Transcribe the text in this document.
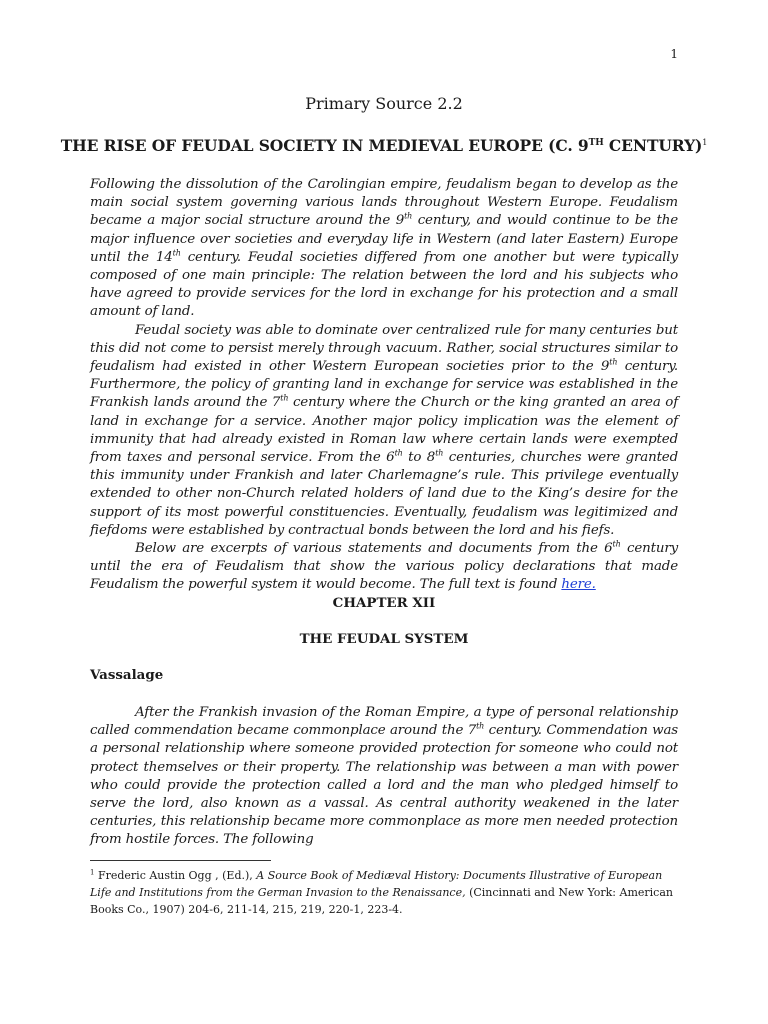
1
Primary Source 2.2
THE RISE OF FEUDAL SOCIETY IN MEDIEVAL EUROPE (C. 9TH CENTURY)$^1$

Following the dissolution of the Carolingian empire, feudalism began to develop as the main social system governing various lands throughout Western Europe. Feudalism became a major social structure around the 9th century, and would continue to be the major influence over societies and everyday life in Western (and later Eastern) Europe until the 14th century. Feudal societies differed from one another but were typically composed of one main principle: The relation between the lord and his subjects who have agreed to provide services for the lord in exchange for his protection and a small amount of land.

Feudal society was able to dominate over centralized rule for many centuries but this did not come to persist merely through vacuum. Rather, social structures similar to feudalism had existed in other Western European societies prior to the 9th century. Furthermore, the policy of granting land in exchange for service was established in the Frankish lands around the 7th century where the Church or the king granted an area of land in exchange for a service. Another major policy implication was the element of immunity that had already existed in Roman law where certain lands were exempted from taxes and personal service. From the 6th to 8th centuries, churches were granted this immunity under Frankish and later Charlemagne’s rule. This privilege eventually extended to other non-Church related holders of land due to the King’s desire for the support of its most powerful constituencies. Eventually, feudalism was legitimized and fiefdoms were established by contractual bonds between the lord and his fiefs.

Below are excerpts of various statements and documents from the 6th century until the era of Feudalism that show the various policy declarations that made Feudalism the powerful system it would become. The full text is found here.

CHAPTER XII
THE FEUDAL SYSTEM
Vassalage

After the Frankish invasion of the Roman Empire, a type of personal relationship called commendation became commonplace around the 7th century. Commendation was a personal relationship where someone provided protection for someone who could not protect themselves or their property. The relationship was between a man with power who could provide the protection called a lord and the man who pledged himself to serve the lord, also known as a vassal. As central authority weakened in the later centuries, this relationship became more commonplace as more men needed protection from hostile forces. The following

$^1$ Frederic Austin Ogg , (Ed.), A Source Book of Mediæval History: Documents Illustrative of European Life and Institutions from the German Invasion to the Renaissance, (Cincinnati and New York: American Books Co., 1907) 204-6, 211-14, 215, 219, 220-1, 223-4.
